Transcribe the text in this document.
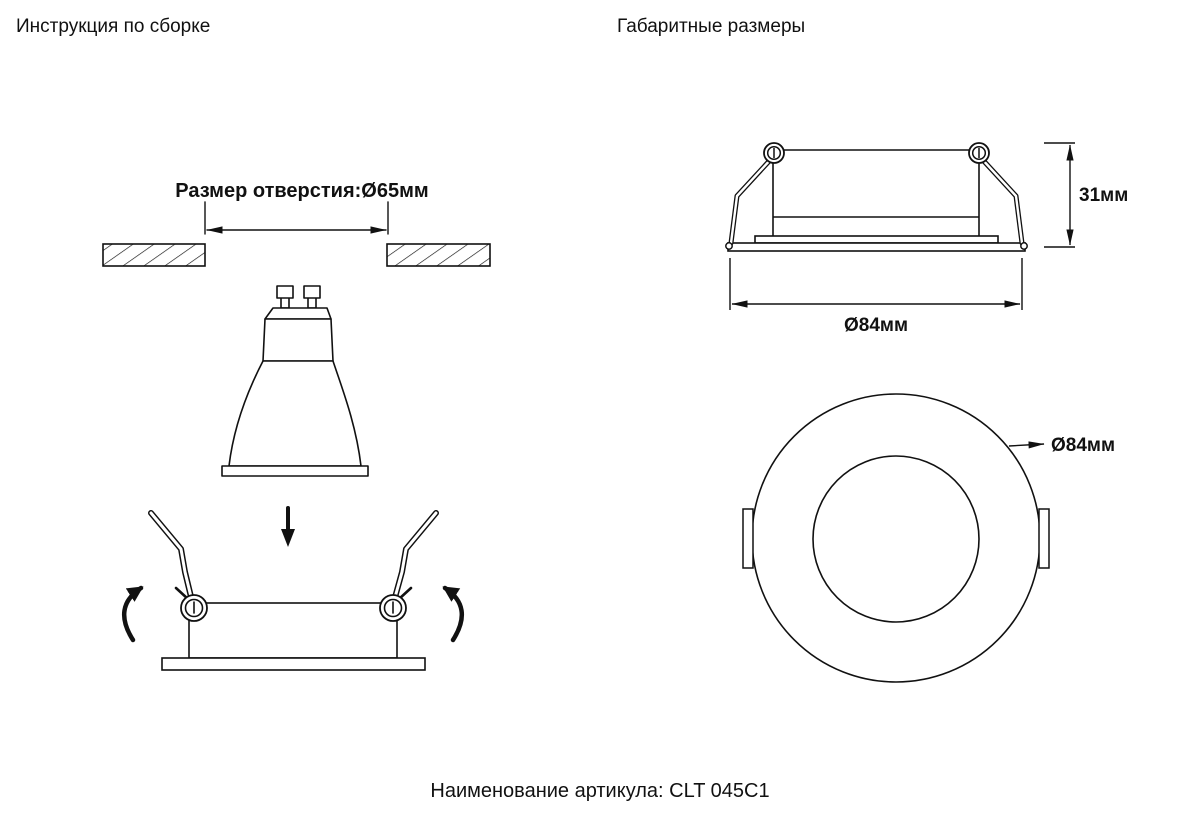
Инструкция по сборке	Габаритные размеры
Размер отверстия:Ø65мм	31мм
Ø84мм
Ø84мм
Наименование артикула: CLT 045C1
